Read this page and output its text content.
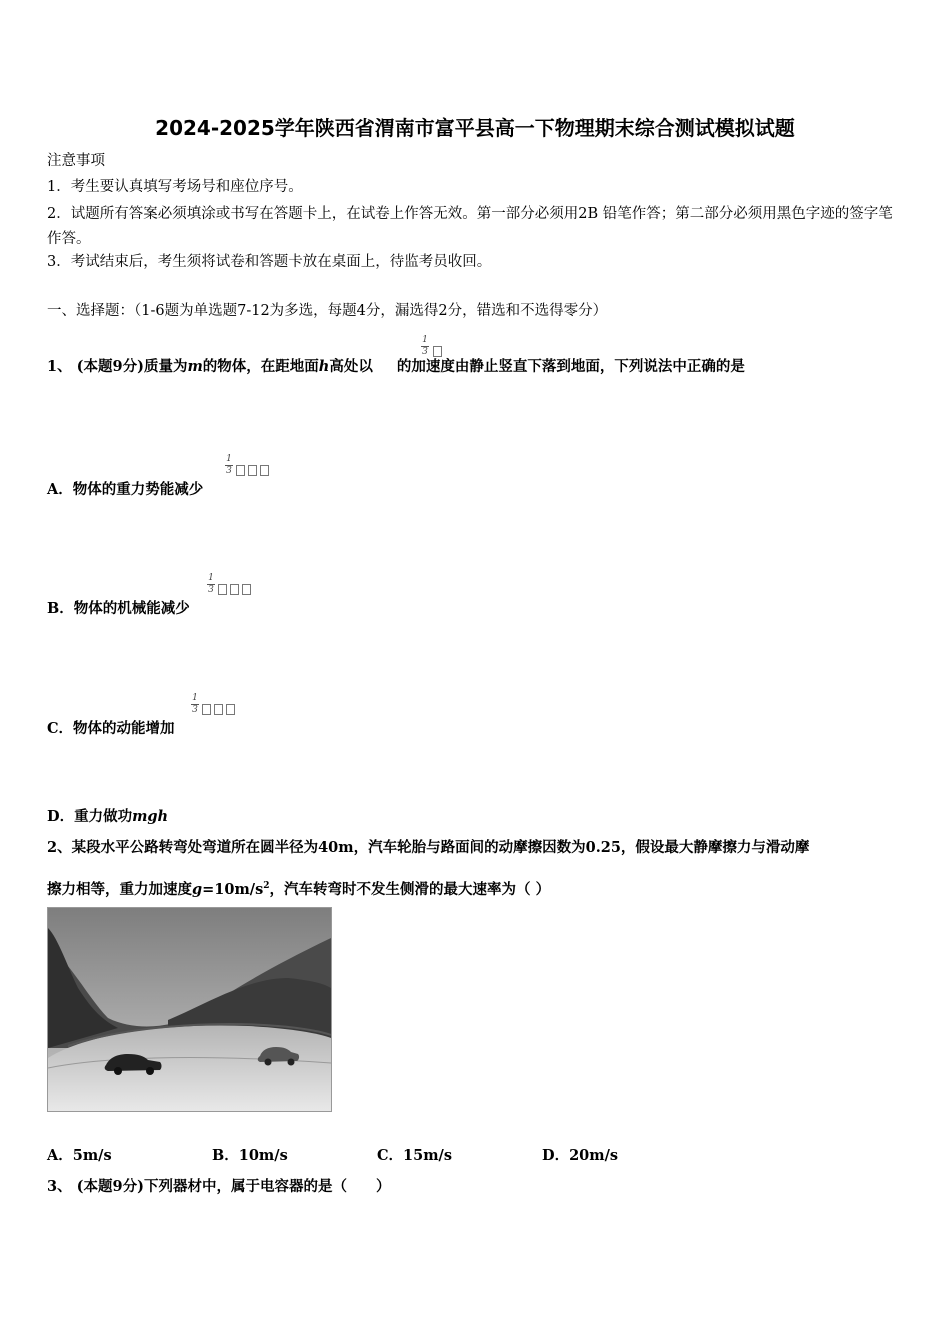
2024-2025学年陕西省渭南市富平县高一下物理期末综合测试模拟试题
注意事项
1．考生要认真填写考场号和座位序号。
2．试题所有答案必须填涂或书写在答题卡上，在试卷上作答无效。第一部分必须用2B 铅笔作答；第二部分必须用黑色字迹的签字笔作答。
3．考试结束后，考生须将试卷和答题卡放在桌面上，待监考员收回。
一、选择题：（1-6题为单选题7-12为多选，每题4分，漏选得2分，错选和不选得零分）
1、 (本题9分)质量为m的物体，在距地面h高处以 的加速度由静止竖直下落到地面，下列说法中正确的是
1
3
A．物体的重力势能减少
1
3
B．物体的机械能减少
1
3
C．物体的动能增加
1
3
D．重力做功mgh
2、某段水平公路转弯处弯道所在圆半径为40m，汽车轮胎与路面间的动摩擦因数为0.25，假设最大静摩擦力与滑动摩
擦力相等，重力加速度$g=10m/s^2$，汽车转弯时不发生侧滑的最大速率为（ ）
A．5m/s	B．10m/s	C．15m/s	D．20m/s
3、 (本题9分)下列器材中，属于电容器的是（　　）
